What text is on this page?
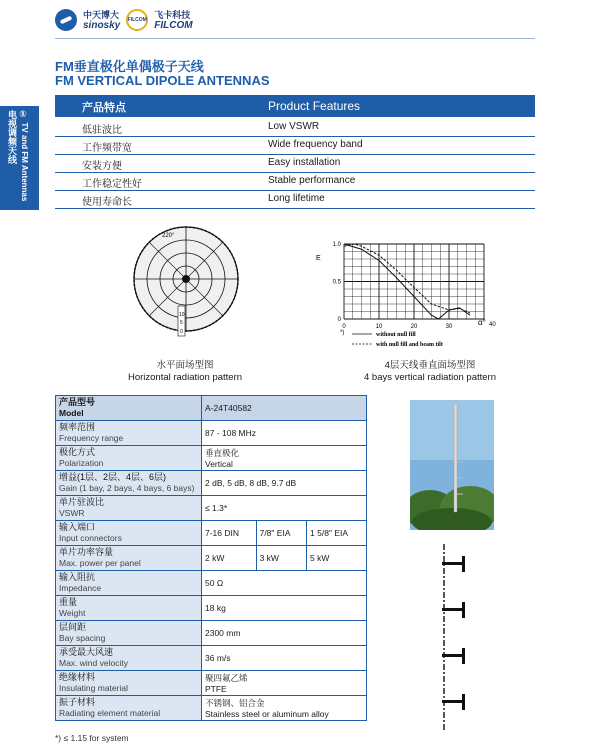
中天博大
sinosky FILCOM
飞卡科技
FILCOM
FM垂直极化单偶极子天线
FM VERTICAL DIPOLE ANTENNAS
① TV and FM Antennas
电视调频天线
产品特点	Product Features
低驻波比	Low VSWR
工作频带宽	Wide frequency band
安装方便	Easy installation
工作稳定性好	Stable performance
使用寿命长	Long lifetime
220°
10
5
0
水平面场型图
Horizontal radiation pattern
1.0
0.5
0
0	10	20	30
E
α° 40
*)	without null fill
with null fill and beam tilt
4层天线垂直面场型图
4 bays vertical radiation pattern
产品型号
Model	A-24T40582		

频率范围
Frequency range	87 - 108 MHz		

极化方式
Polarization	垂直极化
Vertical		

增益(1层、2层、4层、6层)
Gain (1 bay, 2 bays, 4 bays, 6 bays)	2 dB, 5 dB, 8 dB, 9.7 dB		

单片驻波比
VSWR	≤ 1.3*		

输入端口
Input connectors	7-16 DIN	7/8" EIA	1 5/8" EIA

单片功率容量
Max. power per panel	2 kW	3 kW	5 kW

输入阻抗
Impedance	50 Ω		

重量
Weight	18 kg		

层间距
Bay spacing	2300 mm		

承受最大风速
Max. wind velocity	36 m/s		

绝缘材料
Insulating material	聚四氟乙烯
PTFE		

振子材料
Radiating element material	不锈钢、铝合金
Stainless steel or aluminum alloy		
*) ≤ 1.15 for system
